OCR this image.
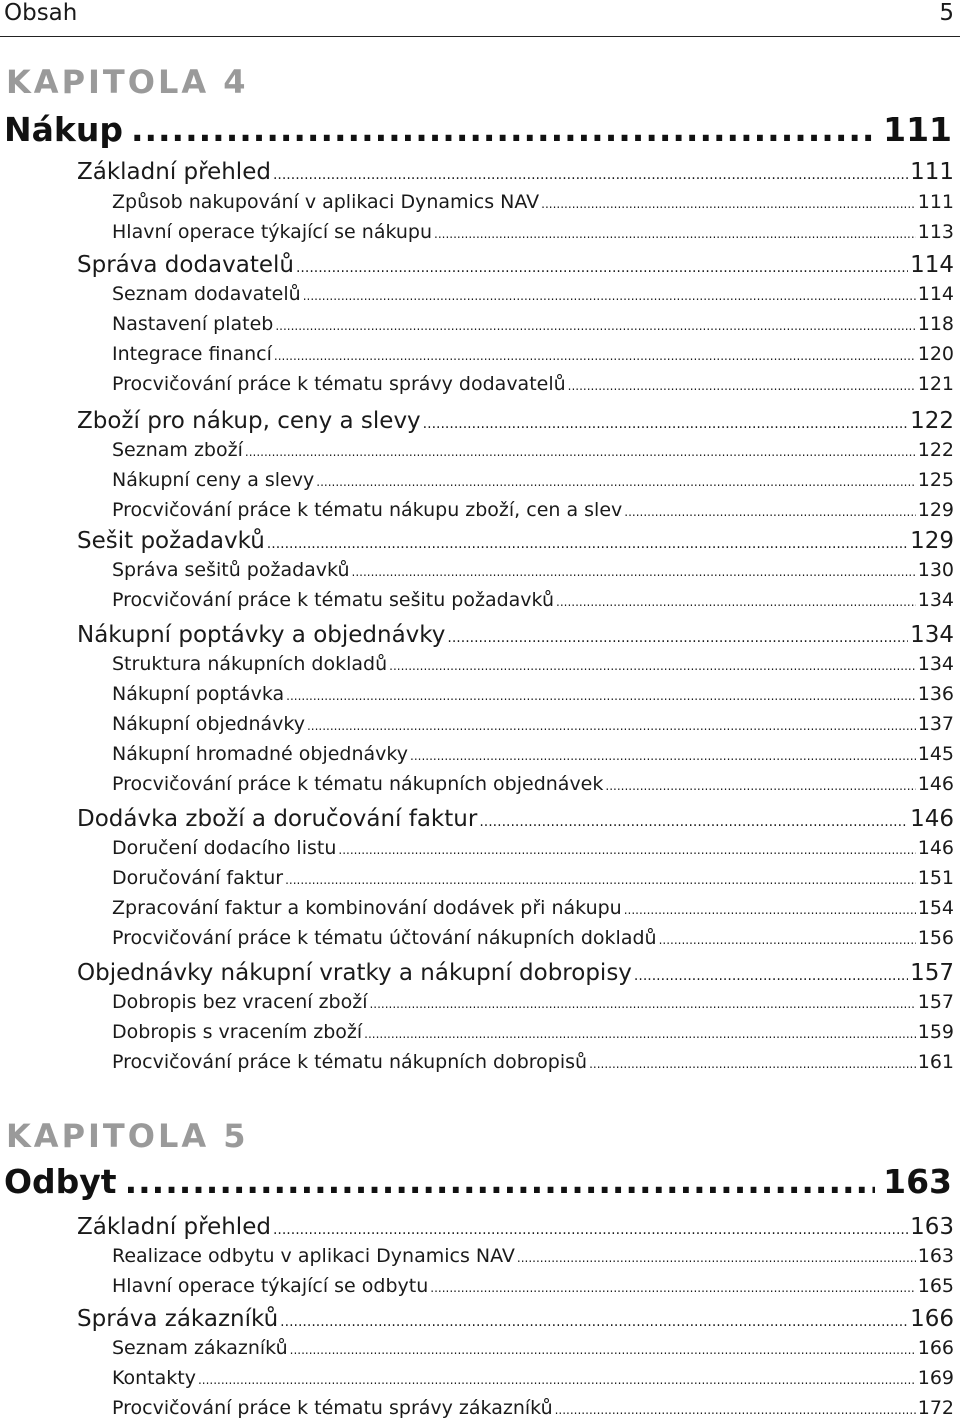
Obsah	5
KAPITOLA 4
Nákup .....	111
Základní přehled .....	111
Způsob nakupování v aplikaci Dynamics NAV .....	111
Hlavní operace týkající se nákupu .....	113
Správa dodavatelů .....	114
Seznam dodavatelů .....	114
Nastavení plateb .....	118
Integrace financí .....	120
Procvičování práce k tématu správy dodavatelů .....	121
Zboží pro nákup, ceny a slevy .....	122
Seznam zboží .....	122
Nákupní ceny a slevy .....	125
Procvičování práce k tématu nákupu zboží, cen a slev .....	129
Sešit požadavků .....	129
Správa sešitů požadavků .....	130
Procvičování práce k tématu sešitu požadavků .....	134
Nákupní poptávky a objednávky .....	134
Struktura nákupních dokladů .....	134
Nákupní poptávka .....	136
Nákupní objednávky .....	137
Nákupní hromadné objednávky .....	145
Procvičování práce k tématu nákupních objednávek .....	146
Dodávka zboží a doručování faktur .....	146
Doručení dodacího listu .....	146
Doručování faktur .....	151
Zpracování faktur a kombinování dodávek při nákupu .....	154
Procvičování práce k tématu účtování nákupních dokladů .....	156
Objednávky nákupní vratky a nákupní dobropisy .....	157
Dobropis bez vracení zboží .....	157
Dobropis s vracením zboží .....	159
Procvičování práce k tématu nákupních dobropisů .....	161
KAPITOLA 5
Odbyt .....	163
Základní přehled .....	163
Realizace odbytu v aplikaci Dynamics NAV .....	163
Hlavní operace týkající se odbytu .....	165
Správa zákazníků .....	166
Seznam zákazníků .....	166
Kontakty .....	169
Procvičování práce k tématu správy zákazníků .....	172
